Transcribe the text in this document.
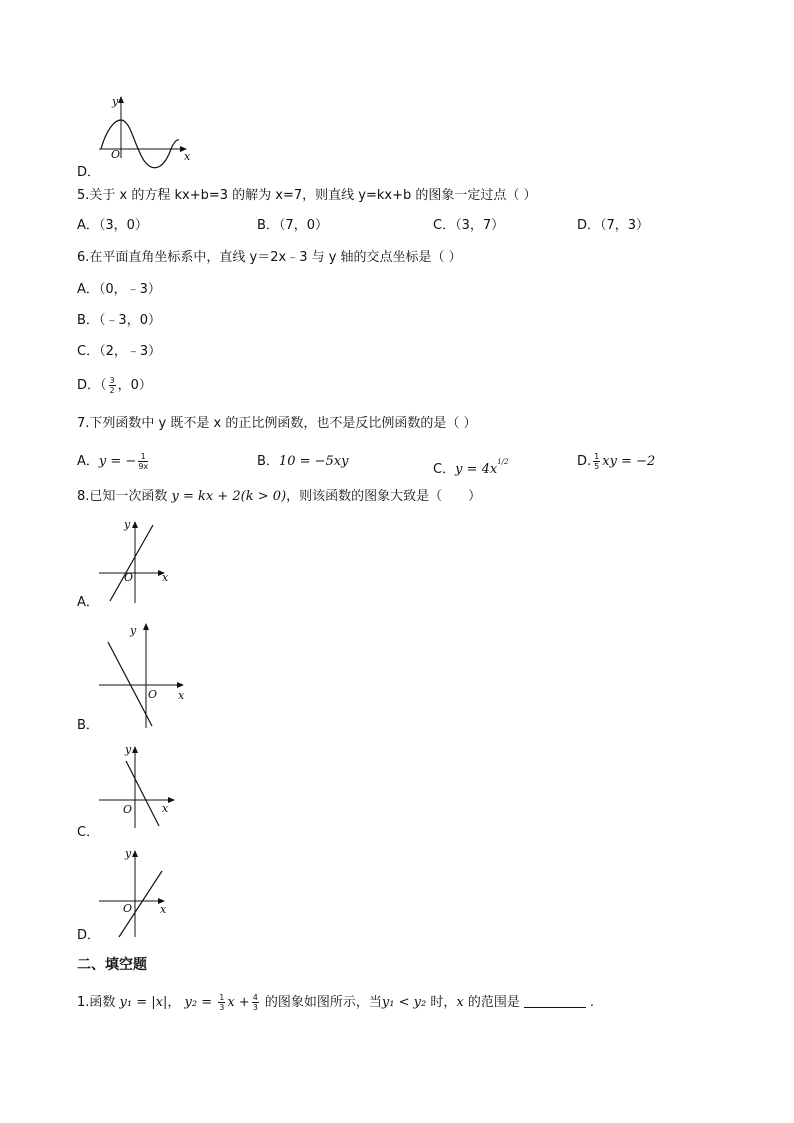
y
x
O
D．
5.关于 x 的方程 kx+b=3 的解为 x=7，则直线 y=kx+b 的图象一定过点（ ）
A．（3，0）	B．（7，0）	C．（3，7）	D．（7，3）
6.在平面直角坐标系中，直线 y＝2x﹣3 与 y 轴的交点坐标是（ ）
A．（0，﹣3）
B．（﹣3，0）
C．（2，﹣3）
D．（ $\frac{3}{2}$ ，0）
7.下列函数中 y 既不是 x 的正比例函数，也不是反比例函数的是（ ）
A．y = − $\frac{1}{9x}$	B．10 = −5xy
C．$y = 4x^{1/2}$	D. $\frac{1}{5}$ xy = −2
8.已知一次函数 y = kx + 2(k > 0)，则该函数的图象大致是（　　）
y
x
O
A．
y
x
O
B．
y
x
O
C．
y
x
O
D．
二、填空题
1.函数 y₁ = |x|， $y_2 = \frac{1}{3}$ $x + \frac{4}{3}$ 的图象如图所示，当y₁ < y₂ 时，x 的范围是	.
